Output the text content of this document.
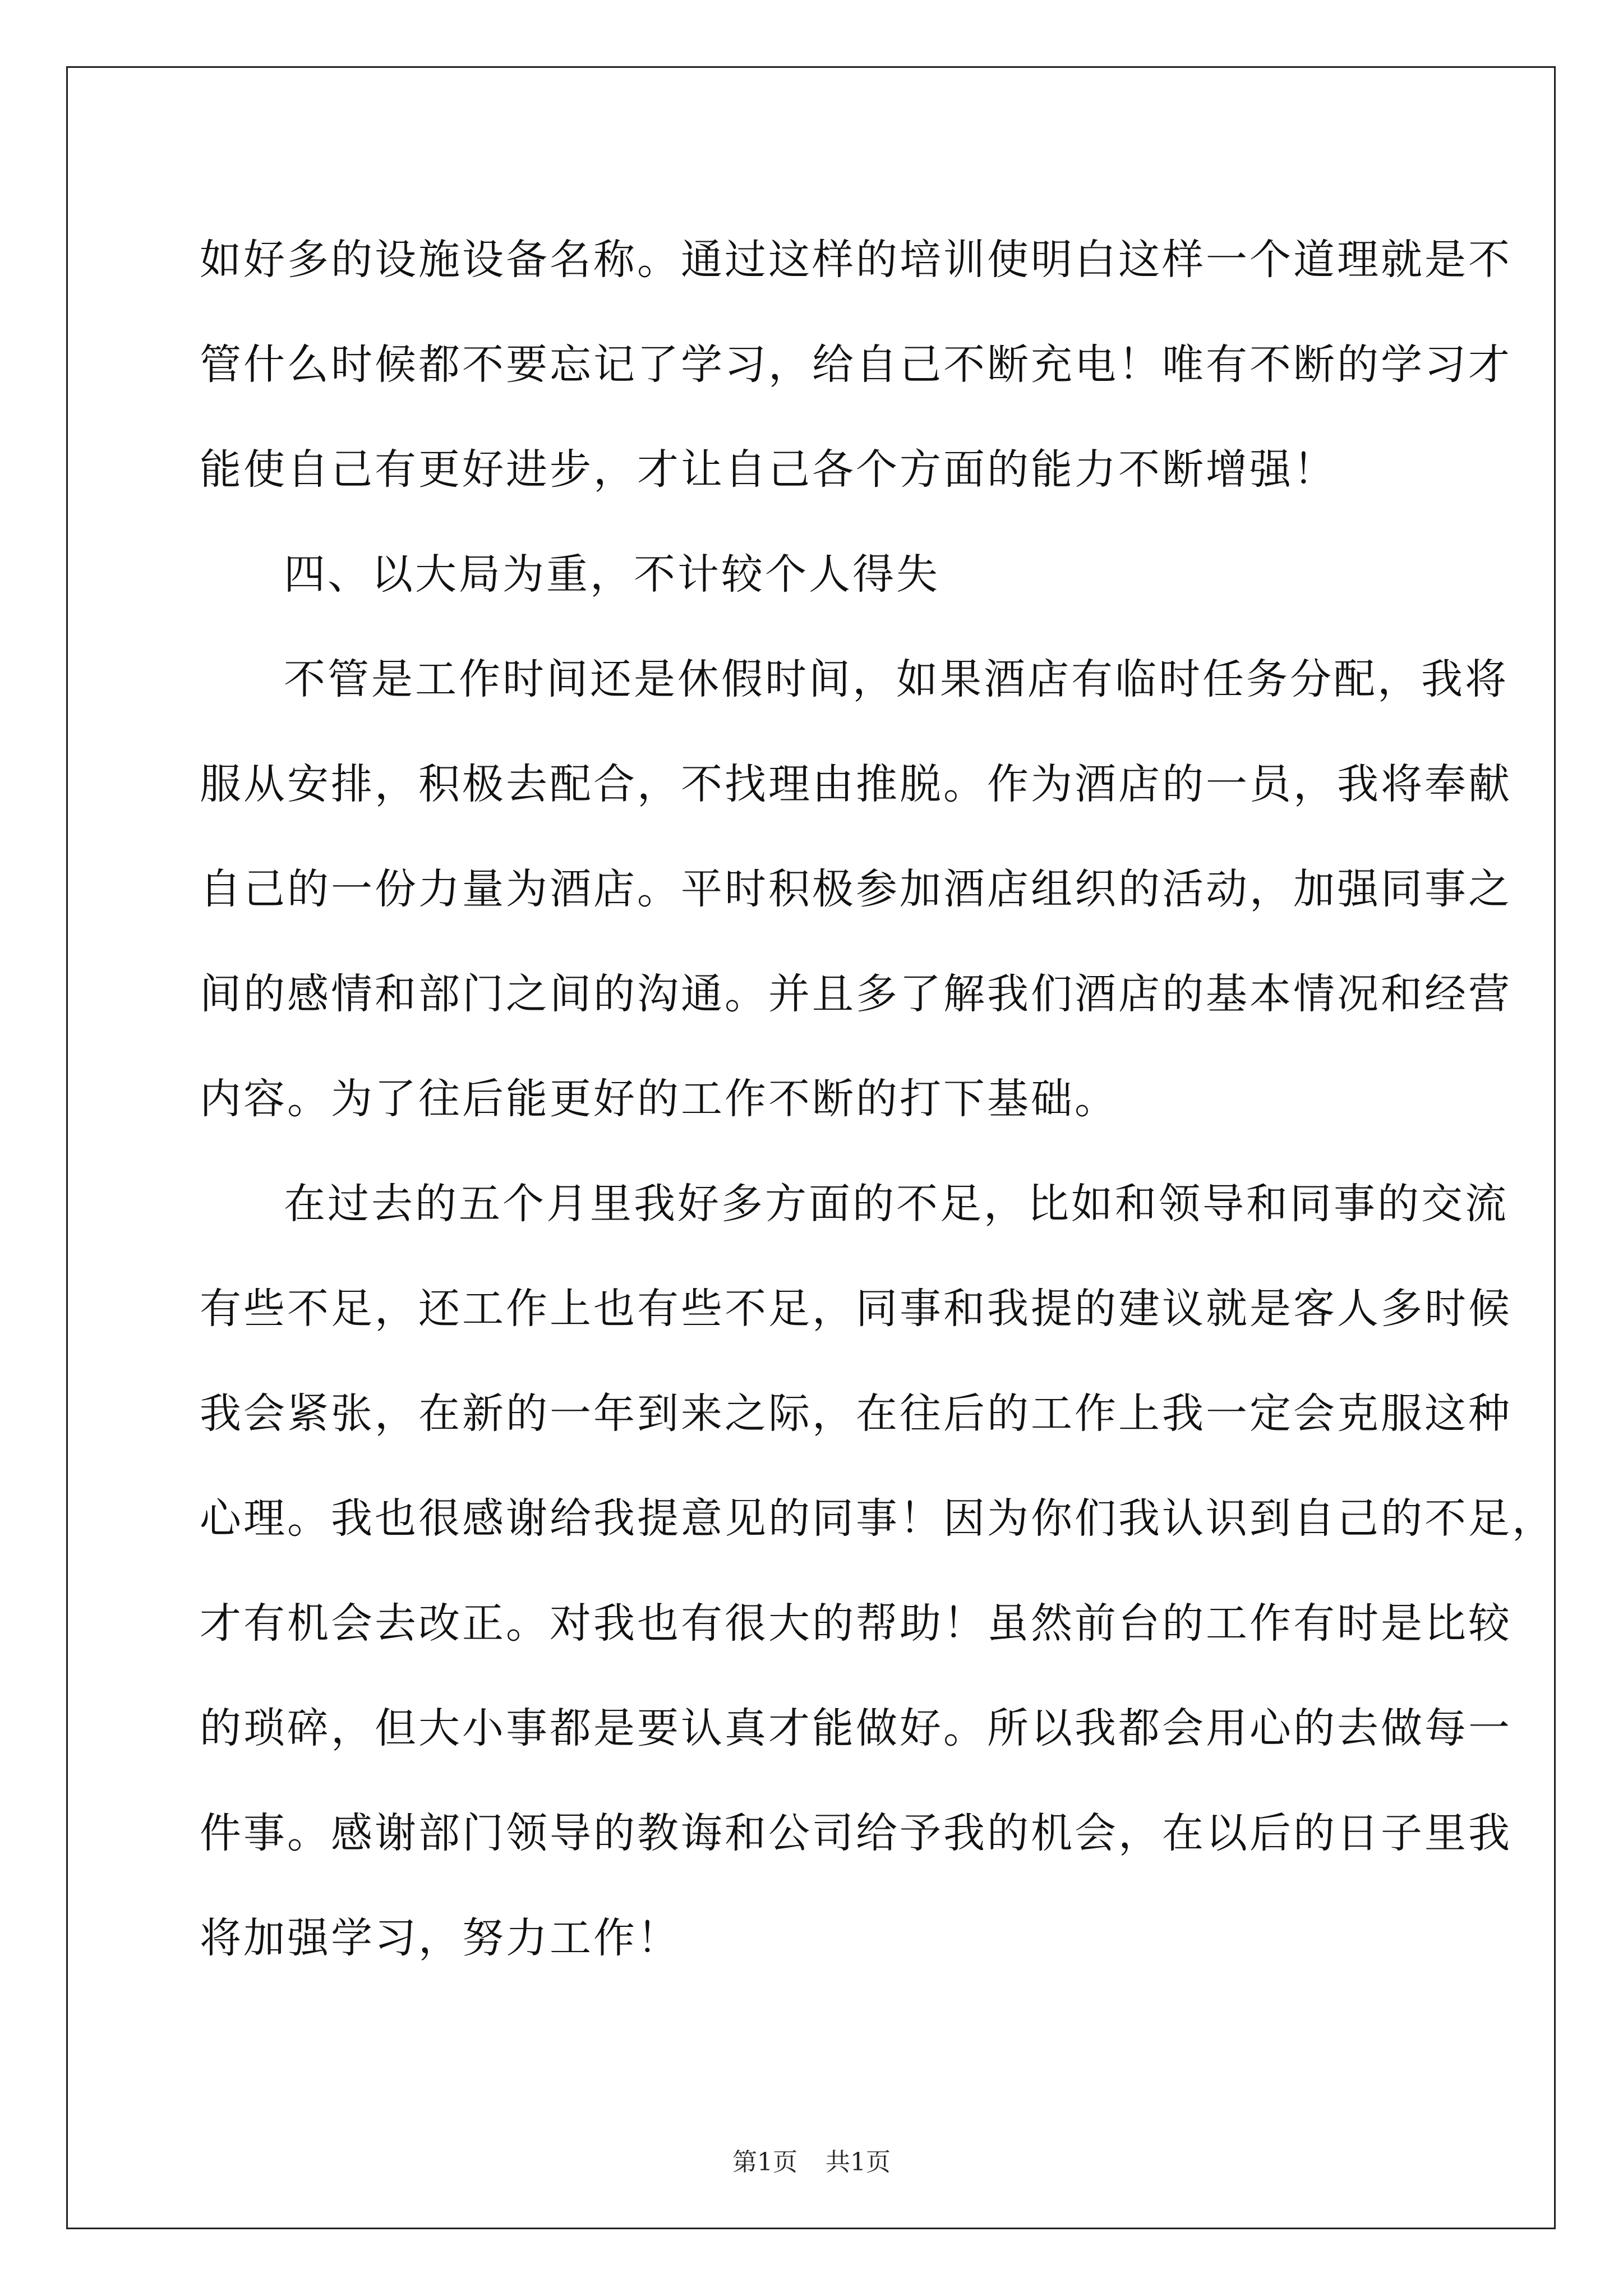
如好多的设施设备名称。通过这样的培训使明白这样一个道理就是不
管什么时候都不要忘记了学习，给自己不断充电！唯有不断的学习才
能使自己有更好进步，才让自己各个方面的能力不断增强！
四、以大局为重，不计较个人得失
不管是工作时间还是休假时间，如果酒店有临时任务分配，我将
服从安排，积极去配合，不找理由推脱。作为酒店的一员，我将奉献
自己的一份力量为酒店。平时积极参加酒店组织的活动，加强同事之
间的感情和部门之间的沟通。并且多了解我们酒店的基本情况和经营
内容。为了往后能更好的工作不断的打下基础。
在过去的五个月里我好多方面的不足，比如和领导和同事的交流
有些不足，还工作上也有些不足，同事和我提的建议就是客人多时候
我会紧张，在新的一年到来之际，在往后的工作上我一定会克服这种
心理。我也很感谢给我提意见的同事！因为你们我认识到自己的不足，
才有机会去改正。对我也有很大的帮助！虽然前台的工作有时是比较
的琐碎，但大小事都是要认真才能做好。所以我都会用心的去做每一
件事。感谢部门领导的教诲和公司给予我的机会，在以后的日子里我
将加强学习，努力工作！
第1页 共1页
